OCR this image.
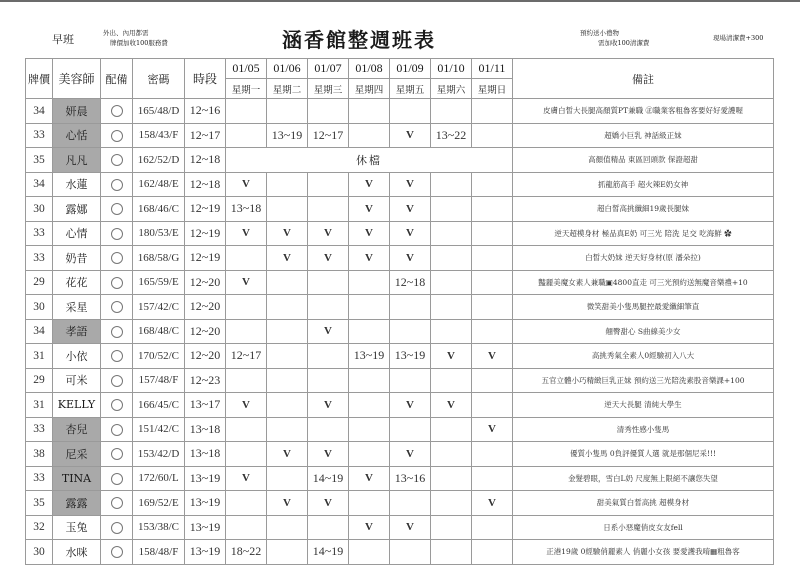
早班	外出、內用都需
牌價加收100服務費	涵香館整週班表	預約送小禮物
需加收100清潔費
現場清潔費+300
牌價	美容師	配備	密碼	時段	01/05	01/06	01/07	01/08	01/09	01/10	01/11	備註
					星期一	星期二	星期三	星期四	星期五	星期六	星期日	
34	妍晨		165/48/D	12~16								皮膚白皙大長腿高顏質PT兼職 ㊣職業客粗魯客要好好愛護喔
33	心恬		158/43/F	12~17		13~19	12~17		V	13~22		超嬌小巨乳 神話級正妹
35	凡凡		162/52/D	12~18	休檔							高顏值精品 東區回頭款 保證超甜
34	水蓮		162/48/E	12~18	V			V	V			抓龍筋高手 超火辣E奶女神
30	露娜		168/46/C	12~19	13~18			V	V			超白皙高挑纖細19歲長腿妹
33	心情		180/53/E	12~19	V	V	V	V	V			逆天超模身材 極品真E奶 可三光 陪洗 足交 吃海鮮 ✿
33	奶昔		168/58/G	12~19		V	V	V	V			白皙大奶妹 逆天好身材(原 潘朵拉)
29	花花		165/59/E	12~20	V				12~18			豔麗美魔女素人兼職▣4800直走 可三光預約送無魔音樂禮+10
30	采星		157/42/C	12~20								微笑甜美小隻馬腿控最愛纖細筆直
34	孝語		168/48/C	12~20			V					翹臀甜心 S曲線美少女
31	小依		170/52/C	12~20	12~17			13~19	13~19	V	V	高挑秀氣全素人0經驗初入八大
29	可米		157/48/F	12~23								五官立體小巧精緻巨乳正妹 預約送三光陪洗素股音樂課+100
31	KELLY		166/45/C	13~17	V		V		V	V		逆天大長腿 清純大學生
33	杏兒		151/42/C	13~18							V	清秀性感小隻馬
38	尼采		153/42/D	13~18		V	V		V			優質小隻馬 0負評優質人選 就是那個尼采!!!
33	TINA		172/60/L	13~19	V		14~19	V	13~16			金髮碧眼，雪白L奶 尺度無上限絕不讓您失望
35	露露		169/52/E	13~19		V	V				V	甜美氣質白皙高挑 超模身材
32	玉兔		153/38/C	13~19				V	V			日系小惡魔俏皮女友fell
30	水咪		158/48/F	13~19	18~22		14~19					正港19歲 0經驗俏麗素人 俏麗小女孩 要愛護我唷▦粗魯客
